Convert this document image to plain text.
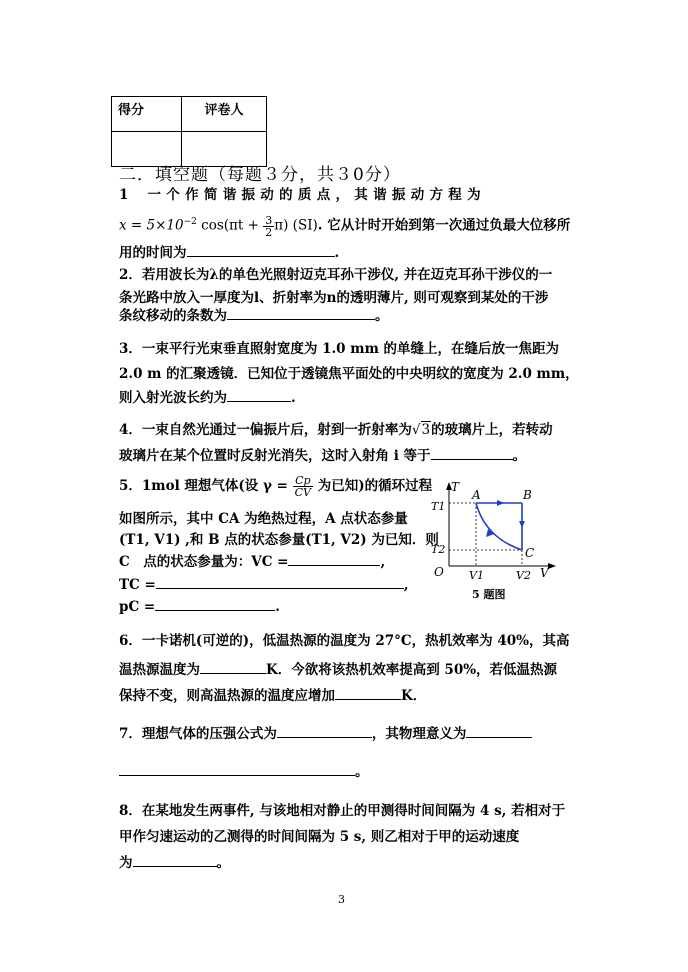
得分	评卷人

二．填空题（每题３分，共３0分）
1　 一 个 作 简 谐 振 动 的 质 点 ， 其 谐 振 动 方 程 为
$x = 5\times 10^{-2}$ $\cos(\pi t + \frac{3}{2} \pi)$ (SI). 它从计时开始到第一次通过负最大位移所
用的时间为	.
2．若用波长为λ的单色光照射迈克耳孙干涉仪, 并在迈克耳孙干涉仪的一
条光路中放入一厚度为l、折射率为n的透明薄片, 则可观察到某处的干涉
条纹移动的条数为	。
3．一束平行光束垂直照射宽度为 1.0 mm 的单缝上，在缝后放一焦距为
2.0 m 的汇聚透镜．已知位于透镜焦平面处的中央明纹的宽度为 2.0 mm，
则入射光波长约为	.
4．一束自然光通过一偏振片后，射到一折射率为√3的玻璃片上，若转动
玻璃片在某个位置时反射光消失，这时入射角 i 等于	。
5．1mol 理想气体(设 $\gamma = \frac{Cp}{CV}$ 为已知)的循环过程
如图所示，其中 CA 为绝热过程，A 点状态参量
(T1, V1) ,和 B 点的状态参量(T1, V2) 为已知．则
C　点的状态参量为：VC =	,
TC =	,
pC =	.
T
V
O
T1
T2
V1	V2
A	B
C
5 题图
6．一卡诺机(可逆的)，低温热源的温度为 27°C，热机效率为 40%，其高
温热源温度为	K．今欲将该热机效率提高到 50%，若低温热源
保持不变，则高温热源的温度应增加	K．
7．理想气体的压强公式为	，其物理意义为
。
8．在某地发生两事件, 与该地相对静止的甲测得时间间隔为 4 s, 若相对于
甲作匀速运动的乙测得的时间间隔为 5 s, 则乙相对于甲的运动速度
为	。
3
